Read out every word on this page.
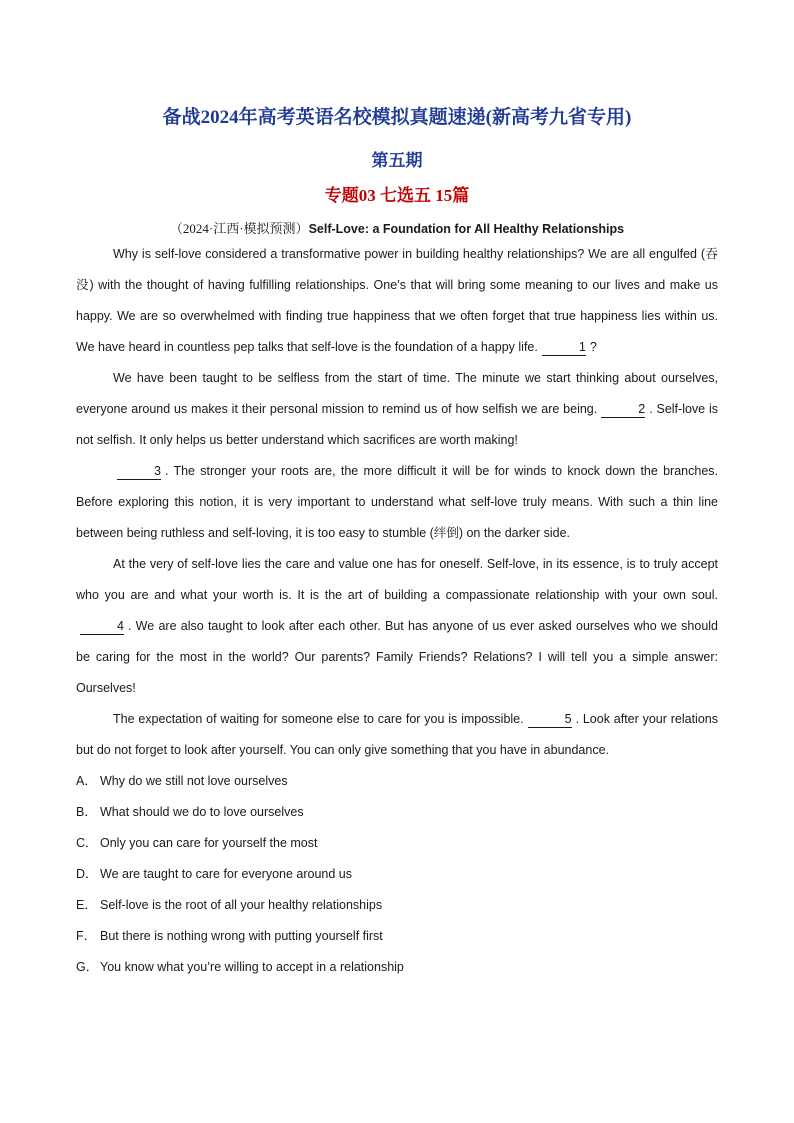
备战2024年高考英语名校模拟真题速递(新高考九省专用)
第五期
专题03 七选五 15篇
（2024·江西·模拟预测）Self-Love: a Foundation for All Healthy Relationships

Why is self-love considered a transformative power in building healthy relationships? We are all engulfed (吞没) with the thought of having fulfilling relationships. One’s that will bring some meaning to our lives and make us happy. We are so overwhelmed with finding true happiness that we often forget that true happiness lies within us. We have heard in countless pep talks that self-love is the foundation of a happy life.	1 ?

We have been taught to be selfless from the start of time. The minute we start thinking about ourselves, everyone around us makes it their personal mission to remind us of how selfish we are being.	2 . Self-love is not selfish. It only helps us better understand which sacrifices are worth making!

3 . The stronger your roots are, the more difficult it will be for winds to knock down the branches. Before exploring this notion, it is very important to understand what self-love truly means. With such a thin line between being ruthless and self-loving, it is too easy to stumble (绊倒) on the darker side.

At the very of self-love lies the care and value one has for oneself. Self-love, in its essence, is to truly accept who you are and what your worth is. It is the art of building a compassionate relationship with your own soul.4 . We are also taught to look after each other. But has anyone of us ever asked ourselves who we should be caring for the most in the world? Our parents? Family Friends? Relations? I will tell you a simple answer: Ourselves!

The expectation of waiting for someone else to care for you is impossible.	5 . Look after your relations but do not forget to look after yourself. You can only give something that you have in abundance.

A． Why do we still not love ourselves
B． What should we do to love ourselves
C． Only you can care for yourself the most
D． We are taught to care for everyone around us
E． Self-love is the root of all your healthy relationships
F． But there is nothing wrong with putting yourself first
G． You know what you’re willing to accept in a relationship
